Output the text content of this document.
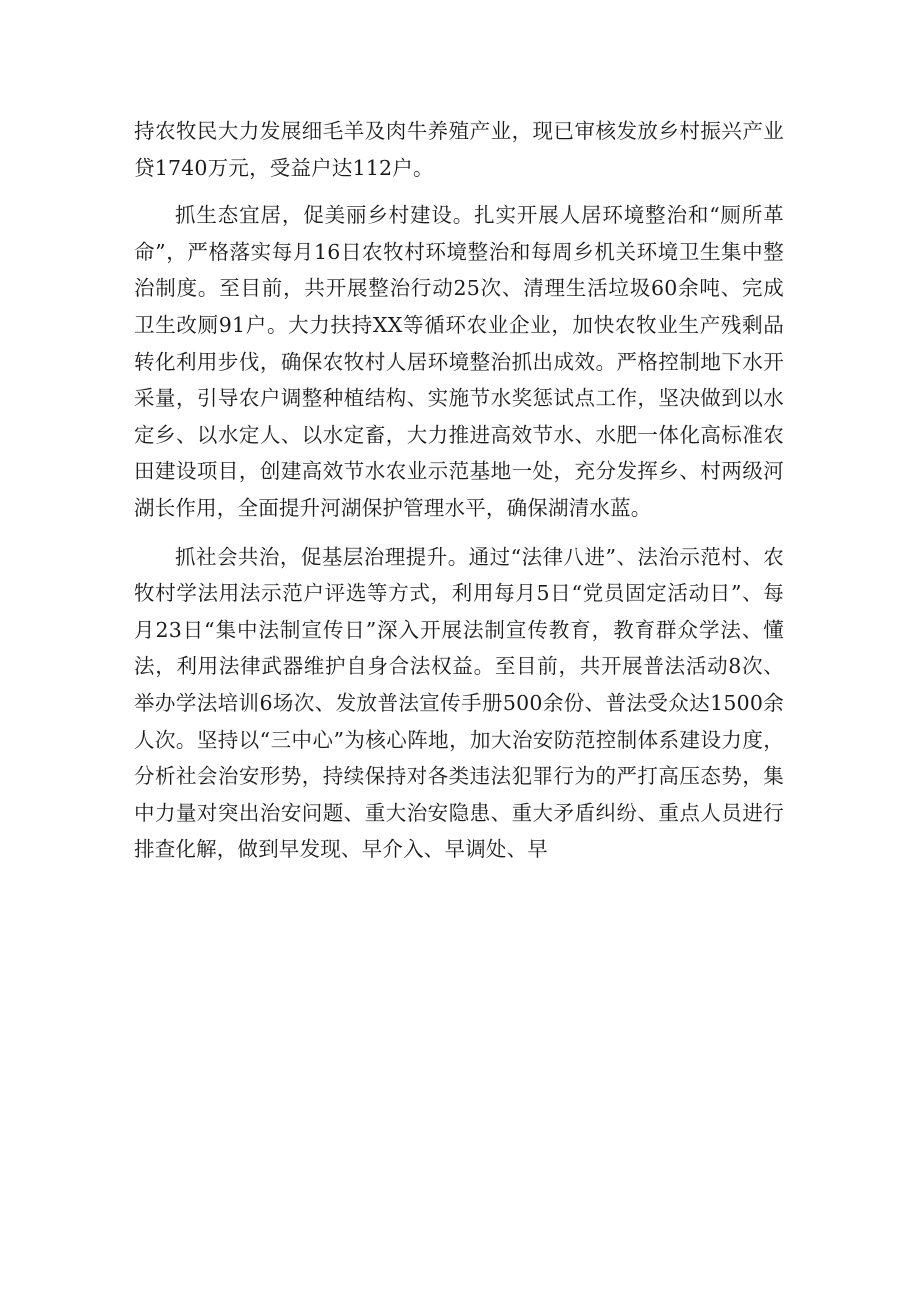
持农牧民大力发展细毛羊及肉牛养殖产业，现已审核发放乡村振兴产业贷1740万元，受益户达112户。

抓生态宜居，促美丽乡村建设。扎实开展人居环境整治和“厕所革命”，严格落实每月16日农牧村环境整治和每周乡机关环境卫生集中整治制度。至目前，共开展整治行动25次、清理生活垃圾60余吨、完成卫生改厕91户。大力扶持XX等循环农业企业，加快农牧业生产残剩品转化利用步伐，确保农牧村人居环境整治抓出成效。严格控制地下水开采量，引导农户调整种植结构、实施节水奖惩试点工作，坚决做到以水定乡、以水定人、以水定畜，大力推进高效节水、水肥一体化高标准农田建设项目，创建高效节水农业示范基地一处，充分发挥乡、村两级河湖长作用，全面提升河湖保护管理水平，确保湖清水蓝。

抓社会共治，促基层治理提升。通过“法律八进”、法治示范村、农牧村学法用法示范户评选等方式，利用每月5日“党员固定活动日”、每月23日“集中法制宣传日”深入开展法制宣传教育，教育群众学法、懂法，利用法律武器维护自身合法权益。至目前，共开展普法活动8次、举办学法培训6场次、发放普法宣传手册500余份、普法受众达1500余人次。坚持以“三中心”为核心阵地，加大治安防范控制体系建设力度，分析社会治安形势，持续保持对各类违法犯罪行为的严打高压态势，集中力量对突出治安问题、重大治安隐患、重大矛盾纠纷、重点人员进行排查化解，做到早发现、早介入、早调处、早
